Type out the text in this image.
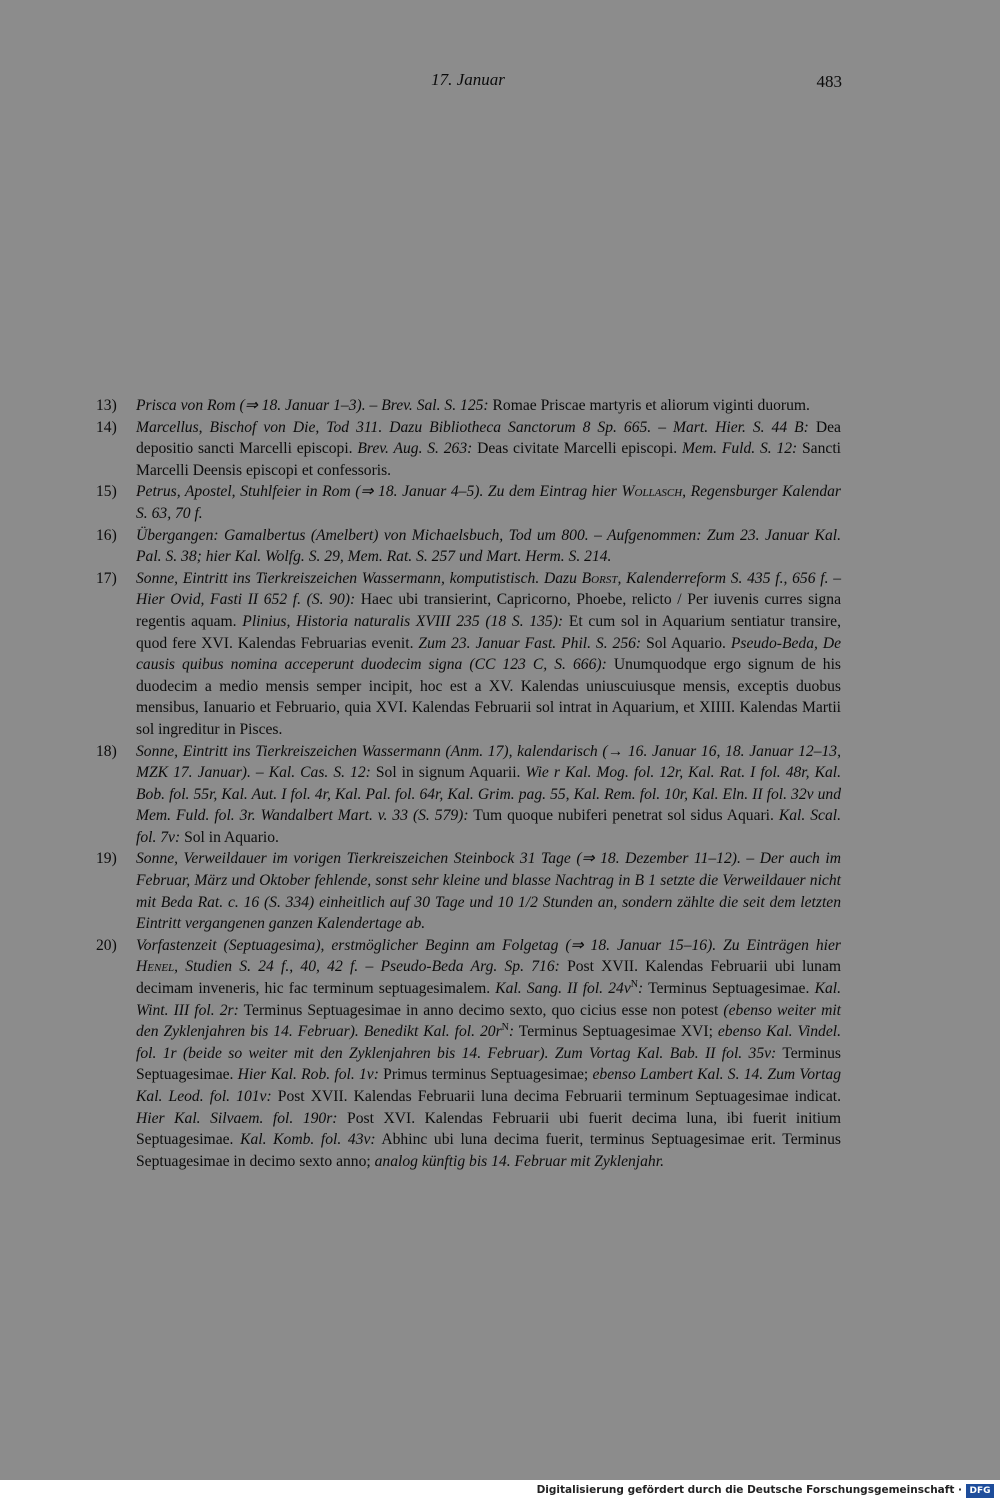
17. Januar	483
13)	Prisca von Rom (⇒ 18. Januar 1–3). – Brev. Sal. S. 125: Romae Priscae martyris et aliorum viginti duorum.
14)	Marcellus, Bischof von Die, Tod 311. Dazu Bibliotheca Sanctorum 8 Sp. 665. – Mart. Hier. S. 44 B: Dea depositio sancti Marcelli episcopi. Brev. Aug. S. 263: Deas civitate Marcelli episcopi. Mem. Fuld. S. 12: Sancti Marcelli Deensis episcopi et confessoris.
15)	Petrus, Apostel, Stuhlfeier in Rom (⇒ 18. Januar 4–5). Zu dem Eintrag hier Wollasch, Regensburger Kalendar S. 63, 70 f.
16)	Übergangen: Gamalbertus (Amelbert) von Michaelsbuch, Tod um 800. – Aufgenommen: Zum 23. Januar Kal. Pal. S. 38; hier Kal. Wolfg. S. 29, Mem. Rat. S. 257 und Mart. Herm. S. 214.
17)	Sonne, Eintritt ins Tierkreiszeichen Wassermann, komputistisch. Dazu Borst, Kalenderreform S. 435 f., 656 f. – Hier Ovid, Fasti II 652 f. (S. 90): Haec ubi transierint, Capricorno, Phoebe, relicto / Per iuvenis curres signa regentis aquam. Plinius, Historia naturalis XVIII 235 (18 S. 135): Et cum sol in Aquarium sentiatur transire, quod fere XVI. Kalendas Februarias evenit. Zum 23. Januar Fast. Phil. S. 256: Sol Aquario. Pseudo-Beda, De causis quibus nomina acceperunt duodecim signa (CC 123 C, S. 666): Unumquodque ergo signum de his duodecim a medio mensis semper incipit, hoc est a XV. Kalendas uniuscuiusque mensis, exceptis duobus mensibus, Ianuario et Februario, quia XVI. Kalendas Februarii sol intrat in Aquarium, et XIIII. Kalendas Martii sol ingreditur in Pisces.
18)	Sonne, Eintritt ins Tierkreiszeichen Wassermann (Anm. 17), kalendarisch (→ 16. Januar 16, 18. Januar 12–13, MZK 17. Januar). – Kal. Cas. S. 12: Sol in signum Aquarii. Wie r Kal. Mog. fol. 12r, Kal. Rat. I fol. 48r, Kal. Bob. fol. 55r, Kal. Aut. I fol. 4r, Kal. Pal. fol. 64r, Kal. Grim. pag. 55, Kal. Rem. fol. 10r, Kal. Eln. II fol. 32v und Mem. Fuld. fol. 3r. Wandalbert Mart. v. 33 (S. 579): Tum quoque nubiferi penetrat sol sidus Aquari. Kal. Scal. fol. 7v: Sol in Aquario.
19)	Sonne, Verweildauer im vorigen Tierkreiszeichen Steinbock 31 Tage (⇒ 18. Dezember 11–12). – Der auch im Februar, März und Oktober fehlende, sonst sehr kleine und blasse Nachtrag in B 1 setzte die Verweildauer nicht mit Beda Rat. c. 16 (S. 334) einheitlich auf 30 Tage und 10 1/2 Stunden an, sondern zählte die seit dem letzten Eintritt vergangenen ganzen Kalendertage ab.
20)	Vorfastenzeit (Septuagesima), erstmöglicher Beginn am Folgetag (⇒ 18. Januar 15–16). Zu Einträgen hier Henel, Studien S. 24 f., 40, 42 f. – Pseudo-Beda Arg. Sp. 716: Post XVII. Kalendas Februarii ubi lunam decimam inveneris, hic fac terminum septuagesimalem. Kal. Sang. II fol. $24v^N$: Terminus Septuagesimae. Kal. Wint. III fol. 2r: Terminus Septuagesimae in anno decimo sexto, quo cicius esse non potest (ebenso weiter mit den Zyklenjahren bis 14. Februar). Benedikt Kal. fol. $20r^N$: Terminus Septuagesimae XVI; ebenso Kal. Vindel. fol. 1r (beide so weiter mit den Zyklenjahren bis 14. Februar). Zum Vortag Kal. Bab. II fol. 35v: Terminus Septuagesimae. Hier Kal. Rob. fol. 1v: Primus terminus Septuagesimae; ebenso Lambert Kal. S. 14. Zum Vortag Kal. Leod. fol. 101v: Post XVII. Kalendas Februarii luna decima Februarii terminum Septuagesimae indicat. Hier Kal. Silvaem. fol. 190r: Post XVI. Kalendas Februarii ubi fuerit decima luna, ibi fuerit initium Septuagesimae. Kal. Komb. fol. 43v: Abhinc ubi luna decima fuerit, terminus Septuagesimae erit. Terminus Septuagesimae in decimo sexto anno; analog künftig bis 14. Februar mit Zyklenjahr.
Digitalisierung gefördert durch die Deutsche Forschungsgemeinschaft · DFG
